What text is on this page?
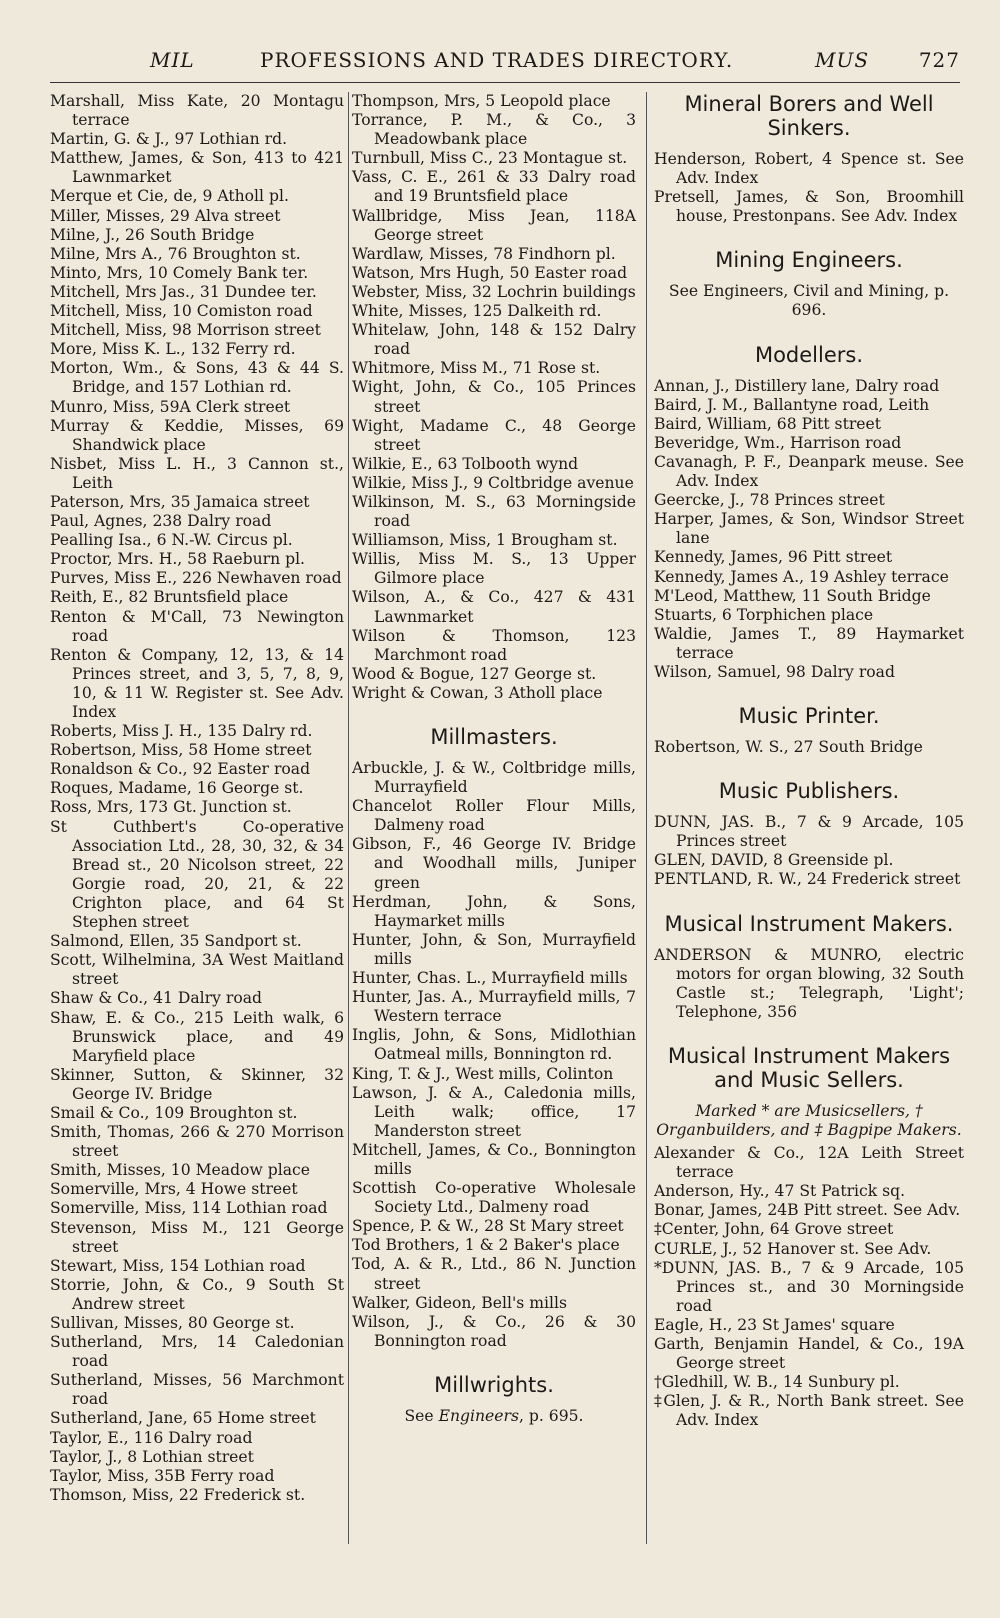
MIL	PROFESSIONS AND TRADES DIRECTORY.	MUS 727

Marshall, Miss Kate, 20 Montagu terrace

Martin, G. & J., 97 Lothian rd.

Matthew, James, & Son, 413 to 421 Lawnmarket

Merque et Cie, de, 9 Atholl pl.

Miller, Misses, 29 Alva street

Milne, J., 26 South Bridge

Milne, Mrs A., 76 Broughton st.

Minto, Mrs, 10 Comely Bank ter.

Mitchell, Mrs Jas., 31 Dundee ter.

Mitchell, Miss, 10 Comiston road

Mitchell, Miss, 98 Morrison street

More, Miss K. L., 132 Ferry rd.

Morton, Wm., & Sons, 43 & 44 S. Bridge, and 157 Lothian rd.

Munro, Miss, 59A Clerk street

Murray & Keddie, Misses, 69 Shandwick place

Nisbet, Miss L. H., 3 Cannon st., Leith

Paterson, Mrs, 35 Jamaica street

Paul, Agnes, 238 Dalry road

Pealling Isa., 6 N.-W. Circus pl.

Proctor, Mrs. H., 58 Raeburn pl.

Purves, Miss E., 226 Newhaven road

Reith, E., 82 Bruntsfield place

Renton & M'Call, 73 Newington road

Renton & Company, 12, 13, & 14 Princes street, and 3, 5, 7, 8, 9, 10, & 11 W. Register st. See Adv. Index

Roberts, Miss J. H., 135 Dalry rd.

Robertson, Miss, 58 Home street

Ronaldson & Co., 92 Easter road

Roques, Madame, 16 George st.

Ross, Mrs, 173 Gt. Junction st.

St Cuthbert's Co-operative Association Ltd., 28, 30, 32, & 34 Bread st., 20 Nicolson street, 22 Gorgie road, 20, 21, & 22 Crighton place, and 64 St Stephen street

Salmond, Ellen, 35 Sandport st.

Scott, Wilhelmina, 3A West Maitland street

Shaw & Co., 41 Dalry road

Shaw, E. & Co., 215 Leith walk, 6 Brunswick place, and 49 Maryfield place

Skinner, Sutton, & Skinner, 32 George IV. Bridge

Smail & Co., 109 Broughton st.

Smith, Thomas, 266 & 270 Morrison street

Smith, Misses, 10 Meadow place

Somerville, Mrs, 4 Howe street

Somerville, Miss, 114 Lothian road

Stevenson, Miss M., 121 George street

Stewart, Miss, 154 Lothian road

Storrie, John, & Co., 9 South St Andrew street

Sullivan, Misses, 80 George st.

Sutherland, Mrs, 14 Caledonian road

Sutherland, Misses, 56 Marchmont road

Sutherland, Jane, 65 Home street

Taylor, E., 116 Dalry road

Taylor, J., 8 Lothian street

Taylor, Miss, 35B Ferry road

Thomson, Miss, 22 Frederick st.

Thompson, Mrs, 5 Leopold place

Torrance, P. M., & Co., 3 Meadowbank place

Turnbull, Miss C., 23 Montague st.

Vass, C. E., 261 & 33 Dalry road and 19 Bruntsfield place

Wallbridge, Miss Jean, 118A George street

Wardlaw, Misses, 78 Findhorn pl.

Watson, Mrs Hugh, 50 Easter road

Webster, Miss, 32 Lochrin buildings

White, Misses, 125 Dalkeith rd.

Whitelaw, John, 148 & 152 Dalry road

Whitmore, Miss M., 71 Rose st.

Wight, John, & Co., 105 Princes street

Wight, Madame C., 48 George street

Wilkie, E., 63 Tolbooth wynd

Wilkie, Miss J., 9 Coltbridge avenue

Wilkinson, M. S., 63 Morningside road

Williamson, Miss, 1 Brougham st.

Willis, Miss M. S., 13 Upper Gilmore place

Wilson, A., & Co., 427 & 431 Lawnmarket

Wilson & Thomson, 123 Marchmont road

Wood & Bogue, 127 George st.

Wright & Cowan, 3 Atholl place

Millmasters.

Arbuckle, J. & W., Coltbridge mills, Murrayfield

Chancelot Roller Flour Mills, Dalmeny road

Gibson, F., 46 George IV. Bridge and Woodhall mills, Juniper green

Herdman, John, & Sons, Haymarket mills

Hunter, John, & Son, Murrayfield mills

Hunter, Chas. L., Murrayfield mills

Hunter, Jas. A., Murrayfield mills, 7 Western terrace

Inglis, John, & Sons, Midlothian Oatmeal mills, Bonnington rd.

King, T. & J., West mills, Colinton

Lawson, J. & A., Caledonia mills, Leith walk; office, 17 Manderston street

Mitchell, James, & Co., Bonnington mills

Scottish Co-operative Wholesale Society Ltd., Dalmeny road

Spence, P. & W., 28 St Mary street

Tod Brothers, 1 & 2 Baker's place

Tod, A. & R., Ltd., 86 N. Junction street

Walker, Gideon, Bell's mills

Wilson, J., & Co., 26 & 30 Bonnington road

Millwrights.

See Engineers, p. 695.

Mineral Borers and Well Sinkers.

Henderson, Robert, 4 Spence st. See Adv. Index

Pretsell, James, & Son, Broomhill house, Prestonpans. See Adv. Index

Mining Engineers.

See Engineers, Civil and Mining, p. 696.

Modellers.

Annan, J., Distillery lane, Dalry road

Baird, J. M., Ballantyne road, Leith

Baird, William, 68 Pitt street

Beveridge, Wm., Harrison road

Cavanagh, P. F., Deanpark meuse. See Adv. Index

Geercke, J., 78 Princes street

Harper, James, & Son, Windsor Street lane

Kennedy, James, 96 Pitt street

Kennedy, James A., 19 Ashley terrace

M'Leod, Matthew, 11 South Bridge

Stuarts, 6 Torphichen place

Waldie, James T., 89 Haymarket terrace

Wilson, Samuel, 98 Dalry road

Music Printer.

Robertson, W. S., 27 South Bridge

Music Publishers.

DUNN, JAS. B., 7 & 9 Arcade, 105 Princes street

GLEN, DAVID, 8 Greenside pl.

PENTLAND, R. W., 24 Frederick street

Musical Instrument Makers.

ANDERSON & MUNRO, electric motors for organ blowing, 32 South Castle st.; Telegraph, 'Light'; Telephone, 356

Musical Instrument Makers and Music Sellers.

Marked * are Musicsellers, † Organbuilders, and ‡ Bagpipe Makers.

Alexander & Co., 12A Leith Street terrace

Anderson, Hy., 47 St Patrick sq.

Bonar, James, 24B Pitt street. See Adv.

‡Center, John, 64 Grove street

CURLE, J., 52 Hanover st. See Adv.

*DUNN, JAS. B., 7 & 9 Arcade, 105 Princes st., and 30 Morningside road

Eagle, H., 23 St James' square

Garth, Benjamin Handel, & Co., 19A George street

†Gledhill, W. B., 14 Sunbury pl.

‡Glen, J. & R., North Bank street. See Adv. Index
